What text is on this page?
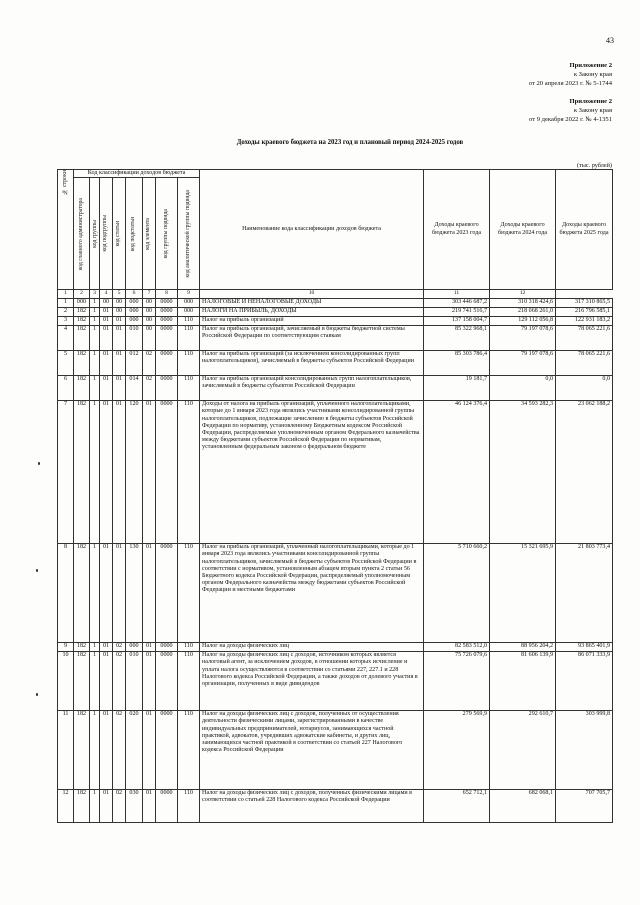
43
Приложение 2
к Закону края
от 20 апреля 2023 г. № 5-1744
Приложение 2
к Закону края
от 9 декабря 2022 г. № 4-1351
Доходы краевого бюджета на 2023 год и плановый период 2024-2025 годов
(тыс. рублей)
№ строки	Код классификации доходов бюджета								Наименование кода классификации доходов бюджета	Доходы краевого бюджета 2023 года	Доходы краевого бюджета 2024 года	Доходы краевого бюджета 2025 года

	код главного администратора	код группы	код подгруппы	код статьи	код подстатьи	код элемента	код группы подвида	код аналитической группы подвида				

1	2	3	4	5	6	7	8	9	10	11	12	
1	000	1	00	00	000	00	0000	000	НАЛОГОВЫЕ И НЕНАЛОГОВЫЕ ДОХОДЫ	303 446 687,2	310 318 424,6	317 310 865,5
2	182	1	01	00	000	00	0000	000	НАЛОГИ НА ПРИБЫЛЬ, ДОХОДЫ	219 741 516,7	218 068 261,0	216 796 585,1
3	182	1	01	01	000	00	0000	110	Налог на прибыль организаций	137 158 004,7	129 112 056,8	122 931 183,2
4	182	1	01	01	010	00	0000	110	Налог на прибыль организаций, зачисляемый в бюджеты бюджетной системы Российской Федерации по соответствующим ставкам	85 322 968,1	79 197 078,6	78 065 221,6
5	182	1	01	01	012	02	0000	110	Налог на прибыль организаций (за исключением консолидированных групп налогоплательщиков), зачисляемый в бюджеты субъектов Российской Федерации	85 303 786,4	79 197 078,6	78 065 221,6
6	182	1	01	01	014	02	0000	110	Налог на прибыль организаций консолидированных групп налогоплательщиков, зачисляемый в бюджеты субъектов Российской Федерации	19 181,7	0,0	0,0
7	182	1	01	01	120	01	0000	110	Доходы от налога на прибыль организаций, уплаченного налогоплательщиками, которые до 1 января 2023 года являлись участниками консолидированной группы налогоплательщиков, подлежащие зачислению в бюджеты субъектов Российской Федерации по нормативу, установленному Бюджетным кодексом Российской Федерации, распределяемые уполномоченным органом Федерального казначейства между бюджетами субъектов Российской Федерации по нормативам, установленным федеральным законом о федеральном бюджете	46 124 376,4	34 593 282,3	23 062 188,2
8	182	1	01	01	130	01	0000	110	Налог на прибыль организаций, уплаченный налогоплательщиками, которые до 1 января 2023 года являлись участниками консолидированной группы налогоплательщиков, зачисляемый в бюджеты субъектов Российской Федерации в соответствии с нормативом, установленным абзацем вторым пункта 2 статьи 56 Бюджетного кодекса Российской Федерации, распределяемый уполномоченным органом Федерального казначейства между бюджетами субъектов Российской Федерации и местными бюджетами	5 710 660,2	15 321 695,9	21 803 773,4
9	182	1	01	02	000	01	0000	110	Налог на доходы физических лиц	82 583 512,0	88 956 204,2	93 865 401,9
10	182	1	01	02	010	01	0000	110	Налог на доходы физических лиц с доходов, источником которых является налоговый агент, за исключением доходов, в отношении которых исчисление и уплата налога осуществляются в соответствии со статьями 227, 227.1 и 228 Налогового кодекса Российской Федерации, а также доходов от долевого участия в организации, полученных в виде дивидендов	75 726 079,6	81 606 139,9	86 071 333,9
11	182	1	01	02	020	01	0000	110	Налог на доходы физических лиц с доходов, полученных от осуществления деятельности физическими лицами, зарегистрированными в качестве индивидуальных предпринимателей, нотариусов, занимающихся частной практикой, адвокатов, учредивших адвокатские кабинеты, и других лиц, занимающихся частной практикой в соответствии со статьей 227 Налогового кодекса Российской Федерации	279 569,9	292 610,7	303 999,8
12	182	1	01	02	030	01	0000	110	Налог на доходы физических лиц с доходов, полученных физическими лицами в соответствии со статьей 228 Налогового кодекса Российской Федерации	652 712,1	682 068,1	707 705,7
